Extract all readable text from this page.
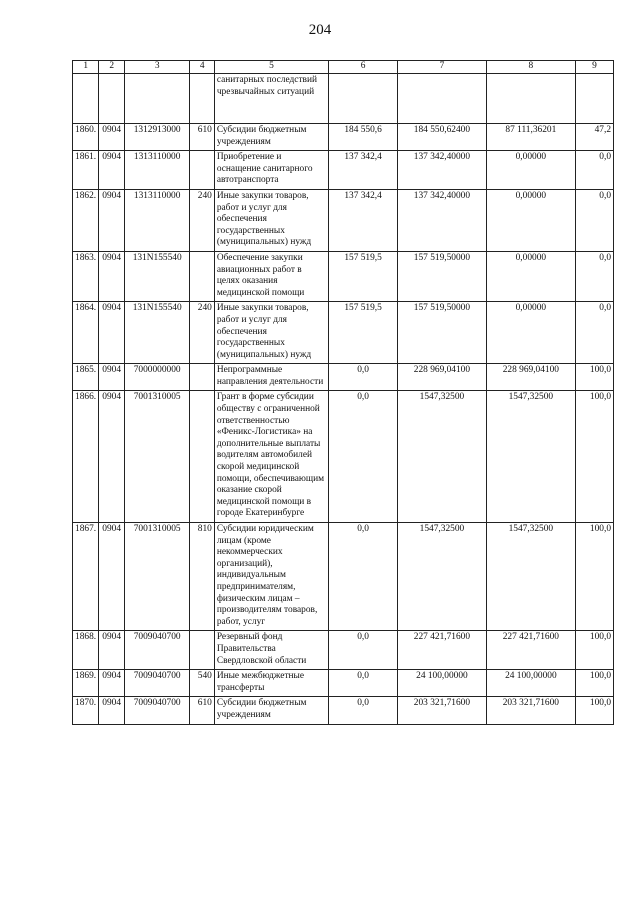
204
1	2	3	4	5	6	7	8	9
				санитарных последствий чрезвычайных ситуаций				
1860.	0904	1312913000	610	Субсидии бюджетным учреждениям	184 550,6	184 550,62400	87 111,36201	47,2
1861.	0904	1313110000		Приобретение и оснащение санитарного автотранспорта	137 342,4	137 342,40000	0,00000	0,0
1862.	0904	1313110000	240	Иные закупки товаров, работ и услуг для обеспечения государственных (муниципальных) нужд	137 342,4	137 342,40000	0,00000	0,0
1863.	0904	131N155540		Обеспечение закупки авиационных работ в целях оказания медицинской помощи	157 519,5	157 519,50000	0,00000	0,0
1864.	0904	131N155540	240	Иные закупки товаров, работ и услуг для обеспечения государственных (муниципальных) нужд	157 519,5	157 519,50000	0,00000	0,0
1865.	0904	7000000000		Непрограммные направления деятельности	0,0	228 969,04100	228 969,04100	100,0
1866.	0904	7001310005		Грант в форме субсидии обществу с ограниченной ответственностью «Феникс-Логистика» на дополнительные выплаты водителям автомобилей скорой медицинской помощи, обеспечивающим оказание скорой медицинской помощи в городе Екатеринбурге	0,0	1547,32500	1547,32500	100,0
1867.	0904	7001310005	810	Субсидии юридическим лицам (кроме некоммерческих организаций), индивидуальным предпринимателям, физическим лицам – производителям товаров, работ, услуг	0,0	1547,32500	1547,32500	100,0
1868.	0904	7009040700		Резервный фонд Правительства Свердловской области	0,0	227 421,71600	227 421,71600	100,0
1869.	0904	7009040700	540	Иные межбюджетные трансферты	0,0	24 100,00000	24 100,00000	100,0
1870.	0904	7009040700	610	Субсидии бюджетным учреждениям	0,0	203 321,71600	203 321,71600	100,0
